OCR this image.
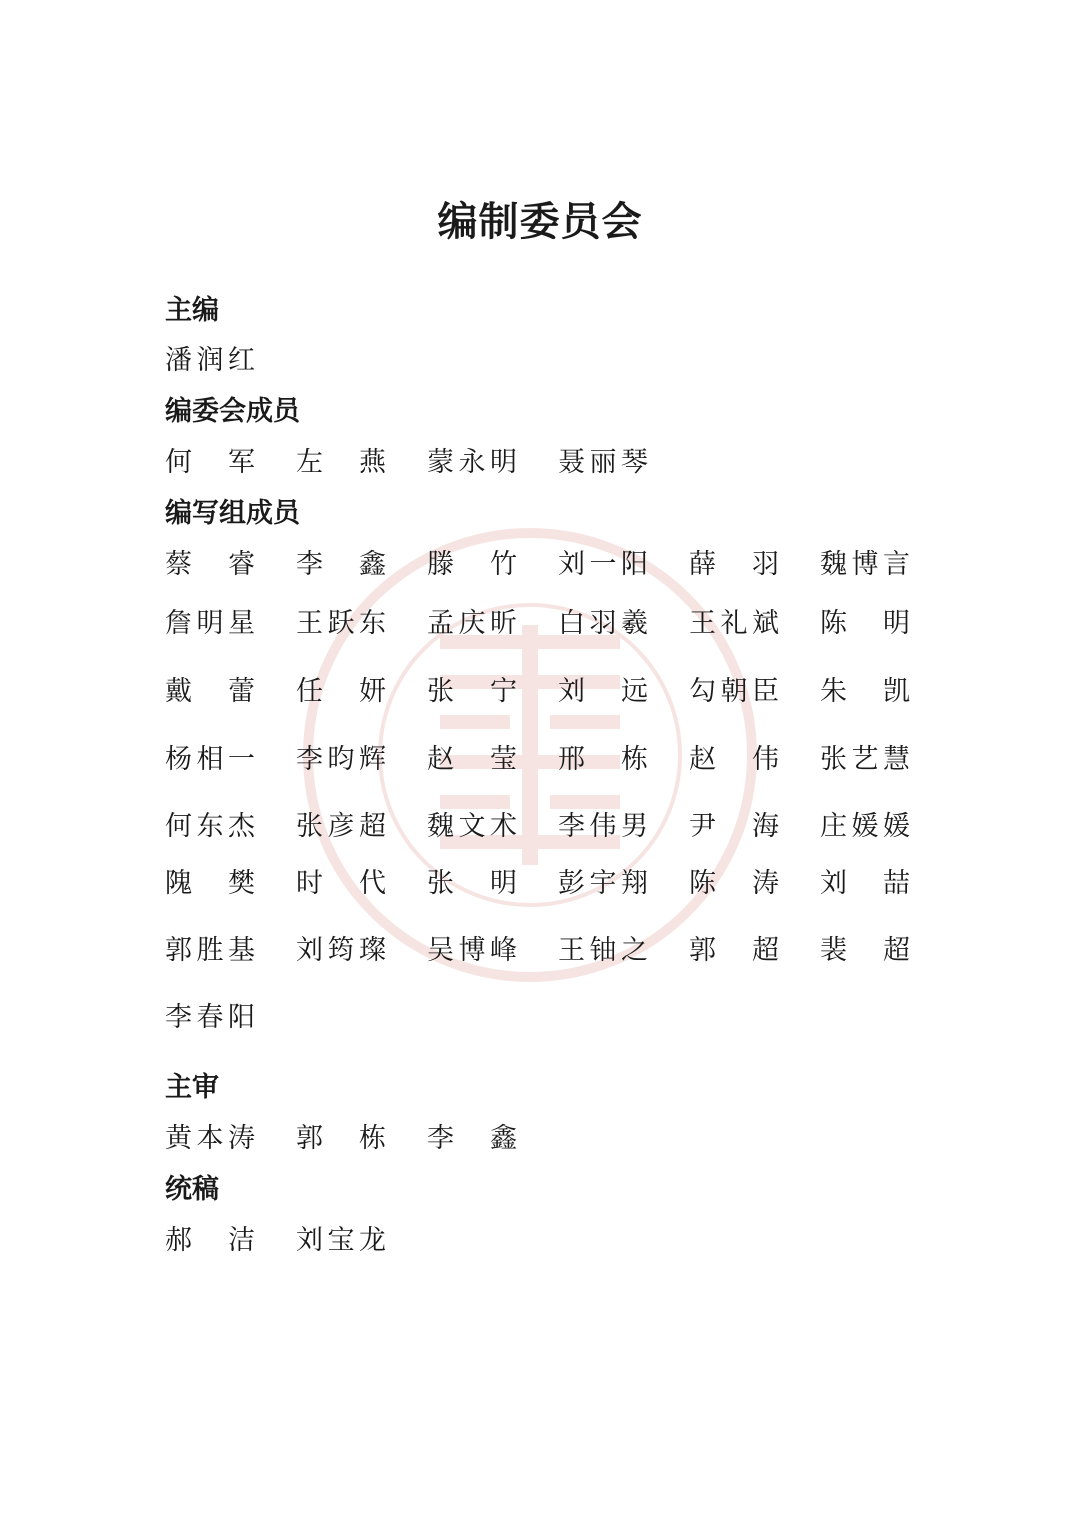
编制委员会
主编
潘 润 红
编委会成员
何 军 左 燕 蒙 永 明 聂 丽 琴
编写组成员
蔡 睿 李 鑫 滕 竹 刘 一 阳 薛 羽 魏 博 言
詹 明 星 王 跃 东 孟 庆 昕 白 羽 羲 王 礼 斌 陈 明
戴 蕾 任 妍 张 宁 刘 远 勾 朝 臣 朱 凯
杨 相 一 李 昀 辉 赵 莹 邢 栋 赵 伟 张 艺 慧
何 东 杰 张 彦 超 魏 文 术 李 伟 男 尹 海 庄 媛 媛
隗 樊 时 代 张 明 彭 宇 翔 陈 涛 刘 喆
郭 胜 基 刘 筠 璨 吴 博 峰 王 铀 之 郭 超 裴 超
李 春 阳
主审
黄 本 涛 郭 栋 李 鑫
统稿
郝 洁 刘 宝 龙
